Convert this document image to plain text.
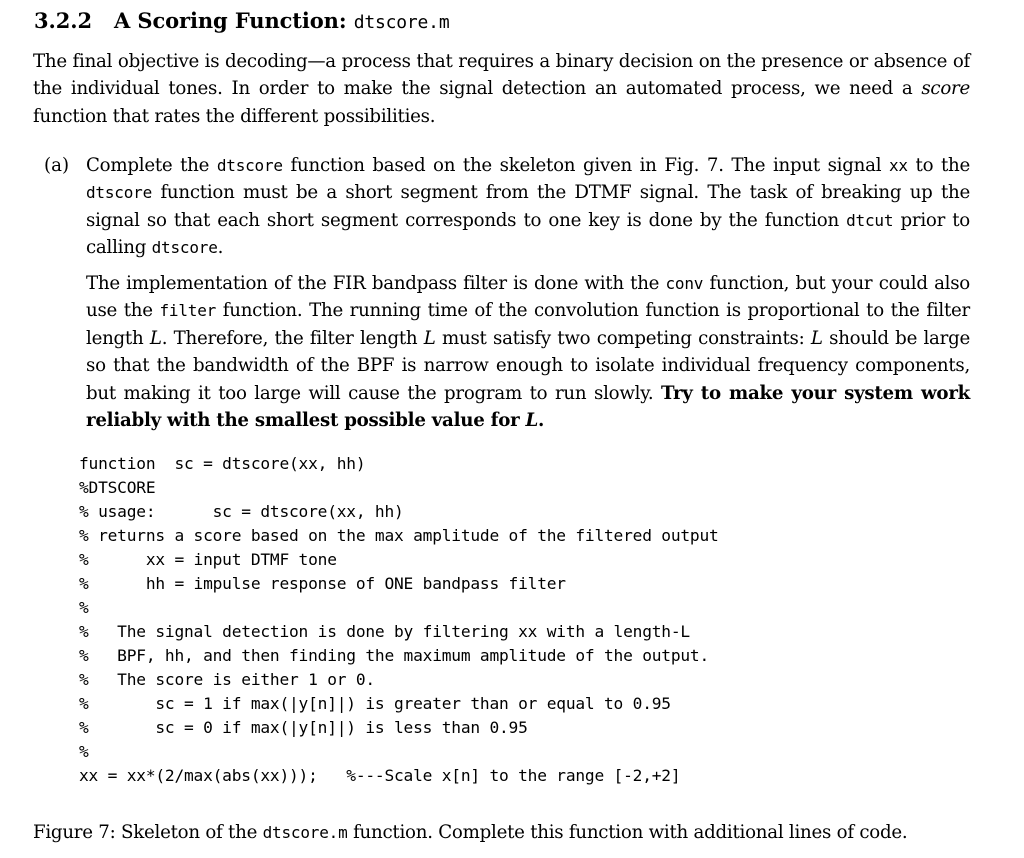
3.2.2 A Scoring Function: dtscore.m
The final objective is decoding—a process that requires a binary decision on the presence or absence of the individual tones. In order to make the signal detection an automated process, we need a score function that rates the different possibilities.
(a) Complete the dtscore function based on the skeleton given in Fig. 7. The input signal xx to the dtscore function must be a short segment from the DTMF signal. The task of breaking up the signal so that each short segment corresponds to one key is done by the function dtcut prior to calling dtscore.
The implementation of the FIR bandpass filter is done with the conv function, but your could also use the filter function. The running time of the convolution function is proportional to the filter length L. Therefore, the filter length L must satisfy two competing constraints: L should be large so that the bandwidth of the BPF is narrow enough to isolate individual frequency components, but making it too large will cause the program to run slowly. Try to make your system work reliably with the smallest possible value for L.
function  sc = dtscore(xx, hh)
%DTSCORE
% usage:      sc = dtscore(xx, hh)
% returns a score based on the max amplitude of the filtered output
%      xx = input DTMF tone
%      hh = impulse response of ONE bandpass filter
%
%   The signal detection is done by filtering xx with a length-L
%   BPF, hh, and then finding the maximum amplitude of the output.
%   The score is either 1 or 0.
%       sc = 1 if max(|y[n]|) is greater than or equal to 0.95
%       sc = 0 if max(|y[n]|) is less than 0.95
%
xx = xx*(2/max(abs(xx)));   %---Scale x[n] to the range [-2,+2]
Figure 7: Skeleton of the dtscore.m function. Complete this function with additional lines of code.
